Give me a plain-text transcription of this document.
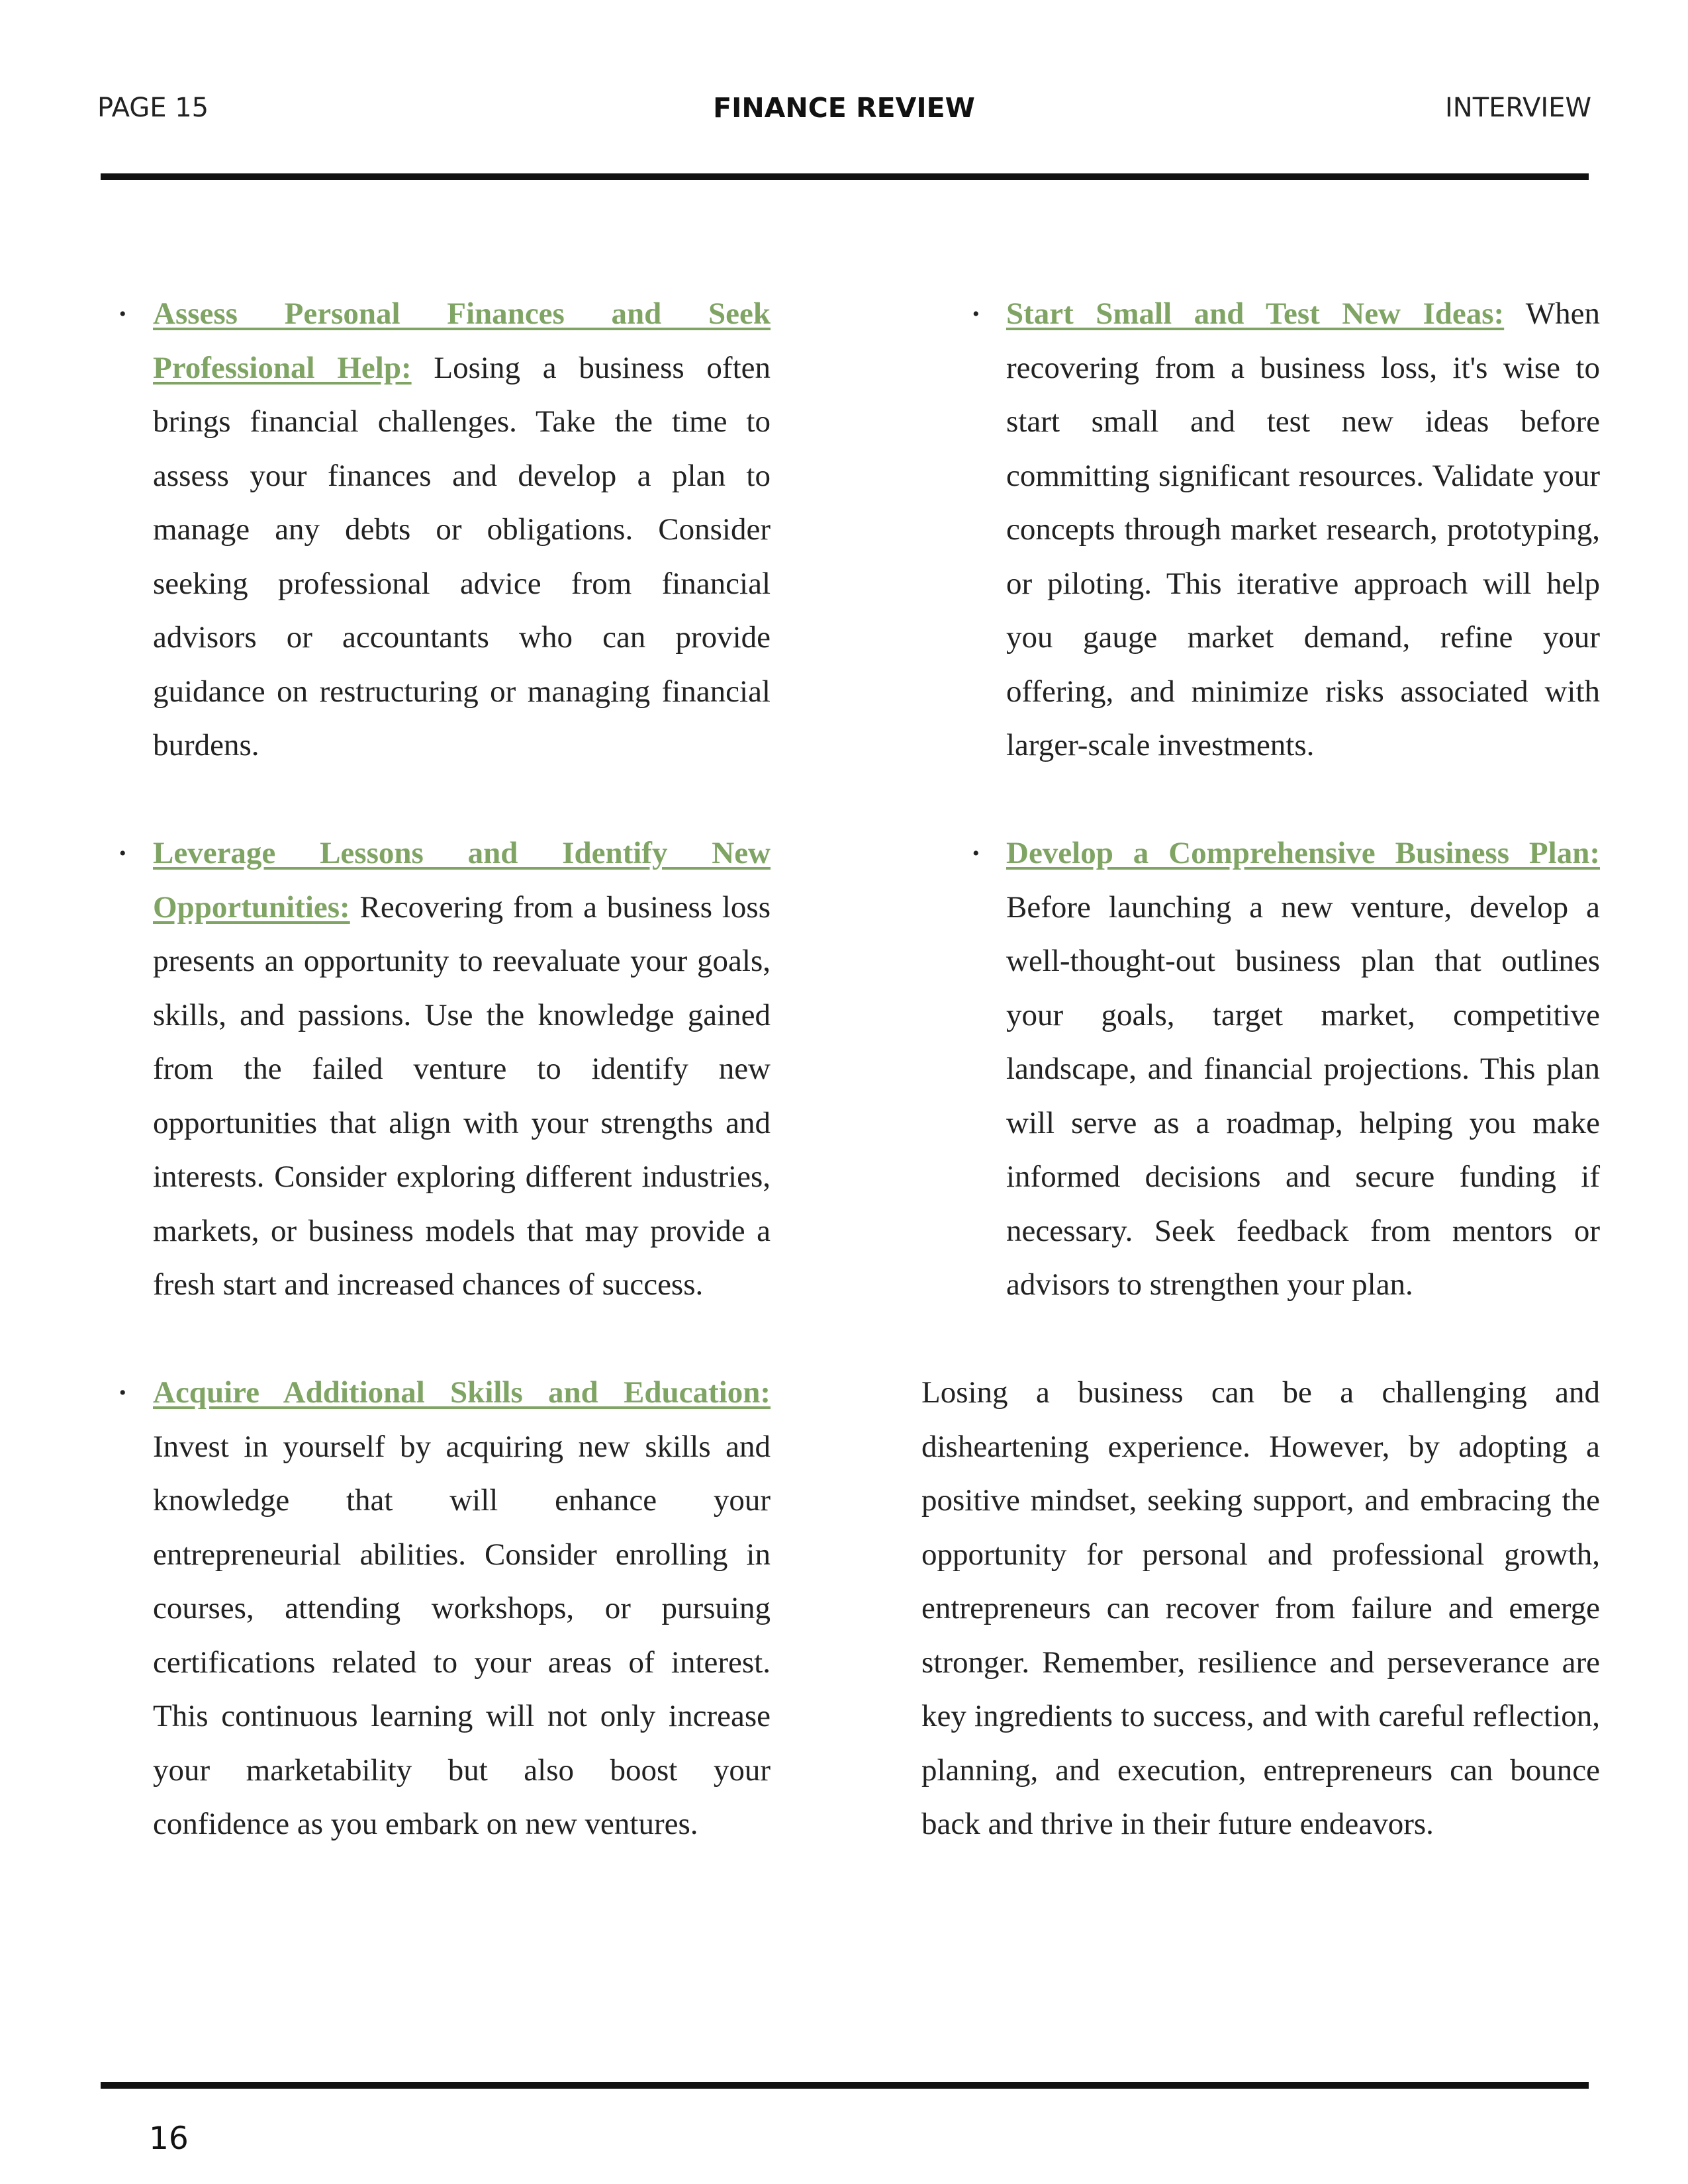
PAGE 15	FINANCE REVIEW	INTERVIEW
• Assess Personal Finances and Seek Professional Help: Losing a business often brings financial challenges. Take the time to assess your finances and develop a plan to manage any debts or obligations. Consider seeking professional advice from financial advisors or accountants who can provide guidance on restructuring or managing financial burdens.
• Leverage Lessons and Identify New Opportunities: Recovering from a business loss presents an opportunity to reevaluate your goals, skills, and passions. Use the knowledge gained from the failed venture to identify new opportunities that align with your strengths and interests. Consider exploring different industries, markets, or business models that may provide a fresh start and increased chances of success.
• Acquire Additional Skills and Education: Invest in yourself by acquiring new skills and knowledge that will enhance your entrepreneurial abilities. Consider enrolling in courses, attending workshops, or pursuing certifications related to your areas of interest. This continuous learning will not only increase your marketability but also boost your confidence as you embark on new ventures.
• Start Small and Test New Ideas: When recovering from a business loss, it's wise to start small and test new ideas before committing significant resources. Validate your concepts through market research, prototyping, or piloting. This iterative approach will help you gauge market demand, refine your offering, and minimize risks associated with larger-scale investments.
• Develop a Comprehensive Business Plan: Before launching a new venture, develop a well-thought-out business plan that outlines your goals, target market, competitive landscape, and financial projections. This plan will serve as a roadmap, helping you make informed decisions and secure funding if necessary. Seek feedback from mentors or advisors to strengthen your plan.

Losing a business can be a challenging and disheartening experience. However, by adopting a positive mindset, seeking support, and embracing the opportunity for personal and professional growth, entrepreneurs can recover from failure and emerge stronger. Remember, resilience and perseverance are key ingredients to success, and with careful reflection, planning, and execution, entrepreneurs can bounce back and thrive in their future endeavors.

16
